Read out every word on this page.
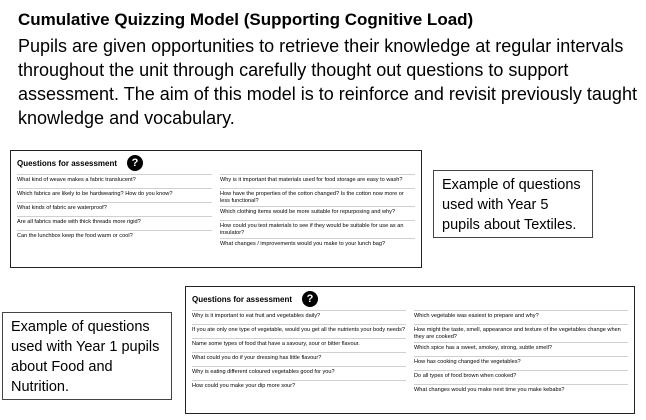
Cumulative Quizzing Model (Supporting Cognitive Load)
Pupils are given opportunities to retrieve their knowledge at regular intervals throughout the unit through carefully thought out questions to support assessment. The aim of this model is to reinforce and revisit previously taught knowledge and vocabulary.
Questions for assessment	?
What kind of weave makes a fabric translucent?
Which fabrics are likely to be hardwearing? How do you know?
What kinds of fabric are waterproof?
Are all fabrics made with thick threads more rigid?
Can the lunchbox keep the food warm or cool?
Why is it important that materials used for food storage are easy to wash?
How have the properties of the cotton changed? Is the cotton now more or less functional?
Which clothing items would be more suitable for repurposing and why?
How could you test materials to see if they would be suitable for use as an insulator?
What changes / improvements would you make to your lunch bag?
Example of questions used with Year 5 pupils about Textiles.
Questions for assessment	?
Why is it important to eat fruit and vegetables daily?
If you ate only one type of vegetable, would you get all the nutrients your body needs?
Name some types of food that have a savoury, sour or bitter flavour.
What could you do if your dressing has little flavour?
Why is eating different coloured vegetables good for you?
How could you make your dip more sour?
Which vegetable was easiest to prepare and why?
How might the taste, smell, appearance and texture of the vegetables change when they are cooked?
Which spice has a sweet, smokey, strong, subtle smell?
How has cooking changed the vegetables?
Do all types of food brown when cooked?
What changes would you make next time you make kebabs?
Example of questions used with Year 1 pupils about Food and Nutrition.
